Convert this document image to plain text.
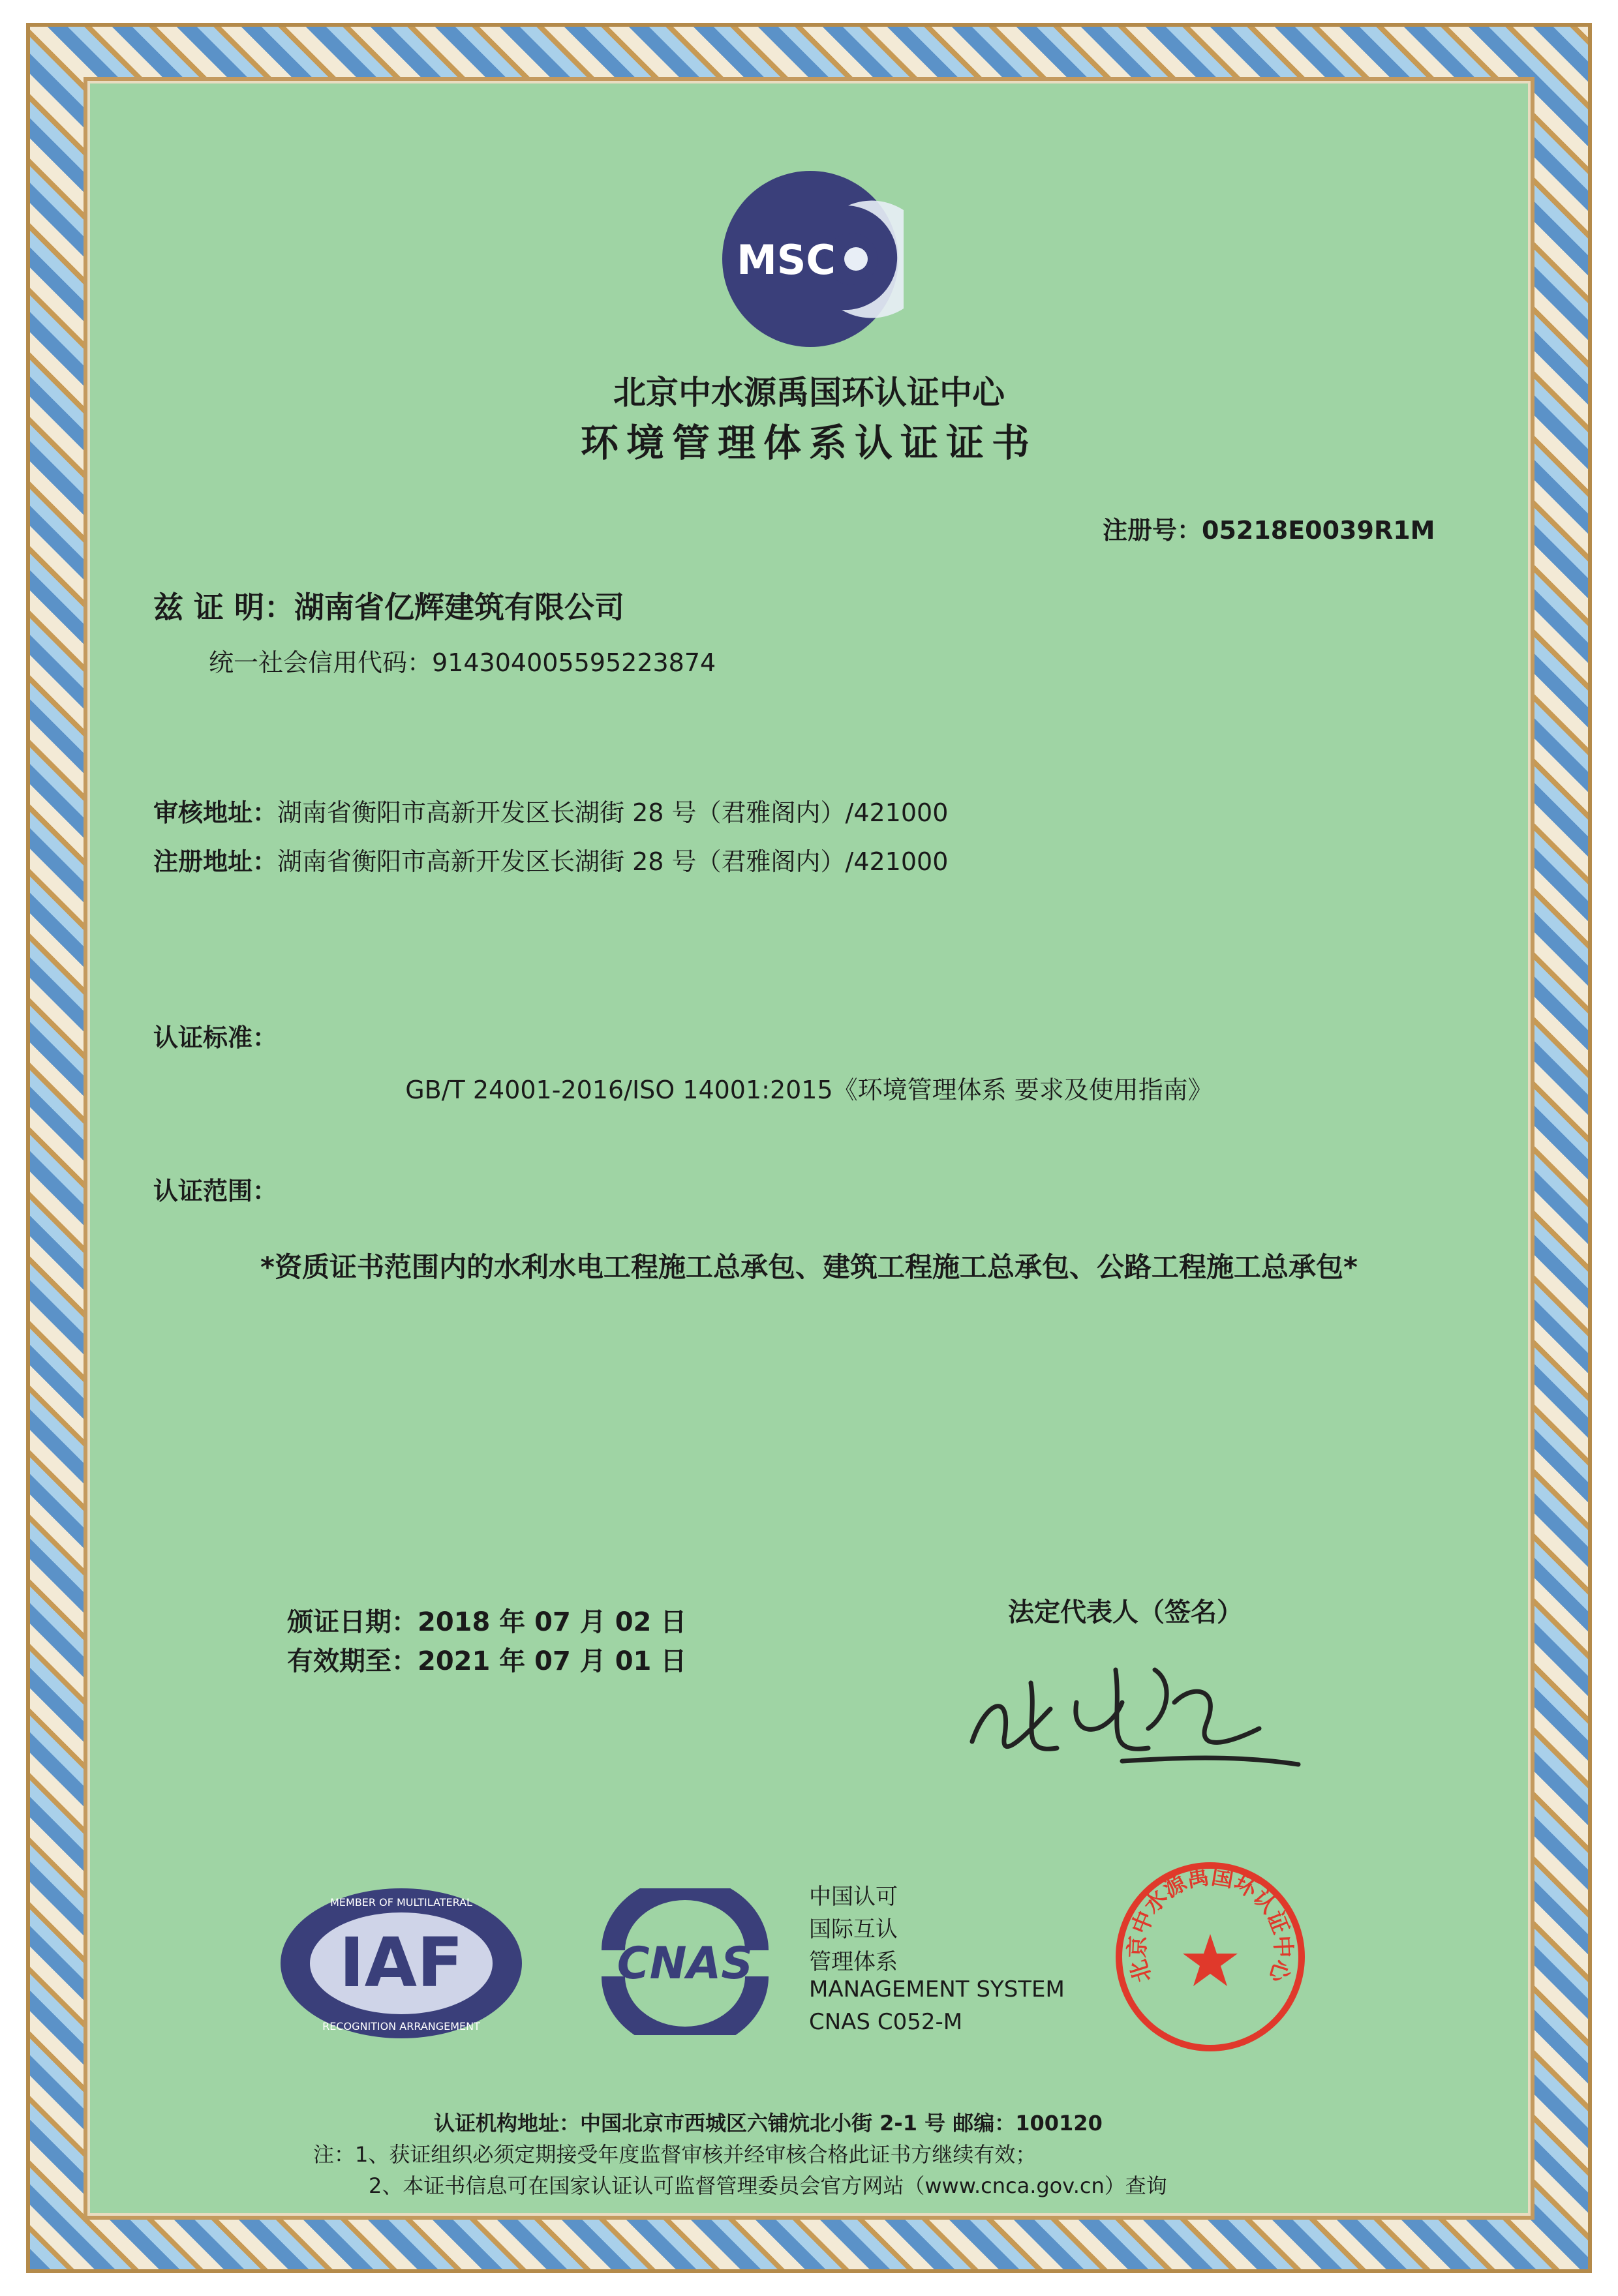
MSC
北京中水源禹国环认证中心
环境管理体系认证证书
注册号：05218E0039R1M
兹 证 明：湖南省亿辉建筑有限公司
统一社会信用代码：914304005595223874
审核地址：湖南省衡阳市高新开发区长湖街 28 号（君雅阁内）/421000
注册地址：湖南省衡阳市高新开发区长湖街 28 号（君雅阁内）/421000
认证标准：
GB/T 24001-2016/ISO 14001:2015《环境管理体系 要求及使用指南》
认证范围：
*资质证书范围内的水利水电工程施工总承包、建筑工程施工总承包、公路工程施工总承包*
颁证日期：2018 年 07 月 02 日
有效期至：2021 年 07 月 01 日
法定代表人（签名）
IAF
MEMBER OF MULTILATERAL
RECOGNITION ARRANGEMENT
CNAS
中国认可
国际互认
管理体系
MANAGEMENT SYSTEM
CNAS C052-M
北京中水源禹国环认证中心
认证机构地址：中国北京市西城区六铺炕北小街 2-1 号 邮编：100120
注：1、获证组织必须定期接受年度监督审核并经审核合格此证书方继续有效；
2、本证书信息可在国家认证认可监督管理委员会官方网站（www.cnca.gov.cn）查询
